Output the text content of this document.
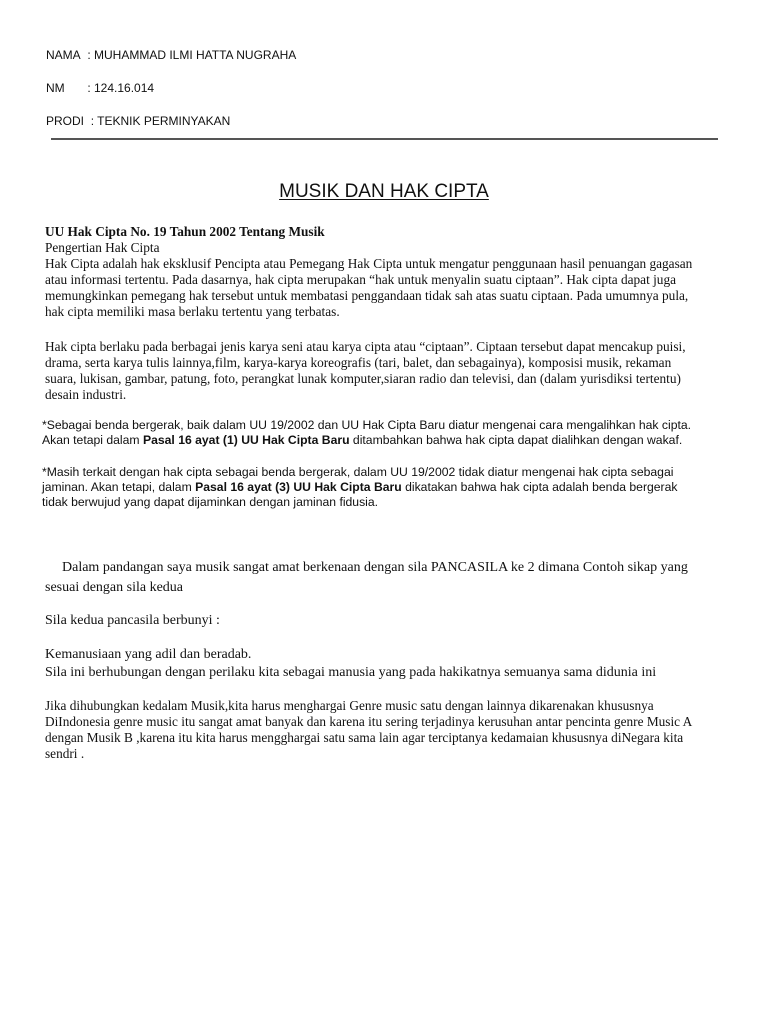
NAMA : MUHAMMAD ILMI HATTA NUGRAHA
NM : 124.16.014
PRODI : TEKNIK PERMINYAKAN
MUSIK DAN HAK CIPTA
UU Hak Cipta No. 19 Tahun 2002 Tentang Musik
Pengertian Hak Cipta
Hak Cipta adalah hak eksklusif Pencipta atau Pemegang Hak Cipta untuk mengatur penggunaan hasil penuangan gagasan
atau informasi tertentu. Pada dasarnya, hak cipta merupakan “hak untuk menyalin suatu ciptaan”. Hak cipta dapat juga
memungkinkan pemegang hak tersebut untuk membatasi penggandaan tidak sah atas suatu ciptaan. Pada umumnya pula,
hak cipta memiliki masa berlaku tertentu yang terbatas.
Hak cipta berlaku pada berbagai jenis karya seni atau karya cipta atau “ciptaan”. Ciptaan tersebut dapat mencakup puisi,
drama, serta karya tulis lainnya,film, karya-karya koreografis (tari, balet, dan sebagainya), komposisi musik, rekaman
suara, lukisan, gambar, patung, foto, perangkat lunak komputer,siaran radio dan televisi, dan (dalam yurisdiksi tertentu)
desain industri.
*Sebagai benda bergerak, baik dalam UU 19/2002 dan UU Hak Cipta Baru diatur mengenai cara mengalihkan hak cipta.
Akan tetapi dalam Pasal 16 ayat (1) UU Hak Cipta Baru ditambahkan bahwa hak cipta dapat dialihkan dengan wakaf.
*Masih terkait dengan hak cipta sebagai benda bergerak, dalam UU 19/2002 tidak diatur mengenai hak cipta sebagai
jaminan. Akan tetapi, dalam Pasal 16 ayat (3) UU Hak Cipta Baru dikatakan bahwa hak cipta adalah benda bergerak
tidak berwujud yang dapat dijaminkan dengan jaminan fidusia.
Dalam pandangan saya musik sangat amat berkenaan dengan sila PANCASILA ke 2 dimana Contoh sikap yang
sesuai dengan sila kedua
Sila kedua pancasila berbunyi :
Kemanusiaan yang adil dan beradab.
Sila ini berhubungan dengan perilaku kita sebagai manusia yang pada hakikatnya semuanya sama didunia ini
Jika dihubungkan kedalam Musik,kita harus menghargai Genre music satu dengan lainnya dikarenakan khususnya
DiIndonesia genre music itu sangat amat banyak dan karena itu sering terjadinya kerusuhan antar pencinta genre Music A
dengan Musik B ,karena itu kita harus mengghargai satu sama lain agar terciptanya kedamaian khususnya diNegara kita
sendri .
